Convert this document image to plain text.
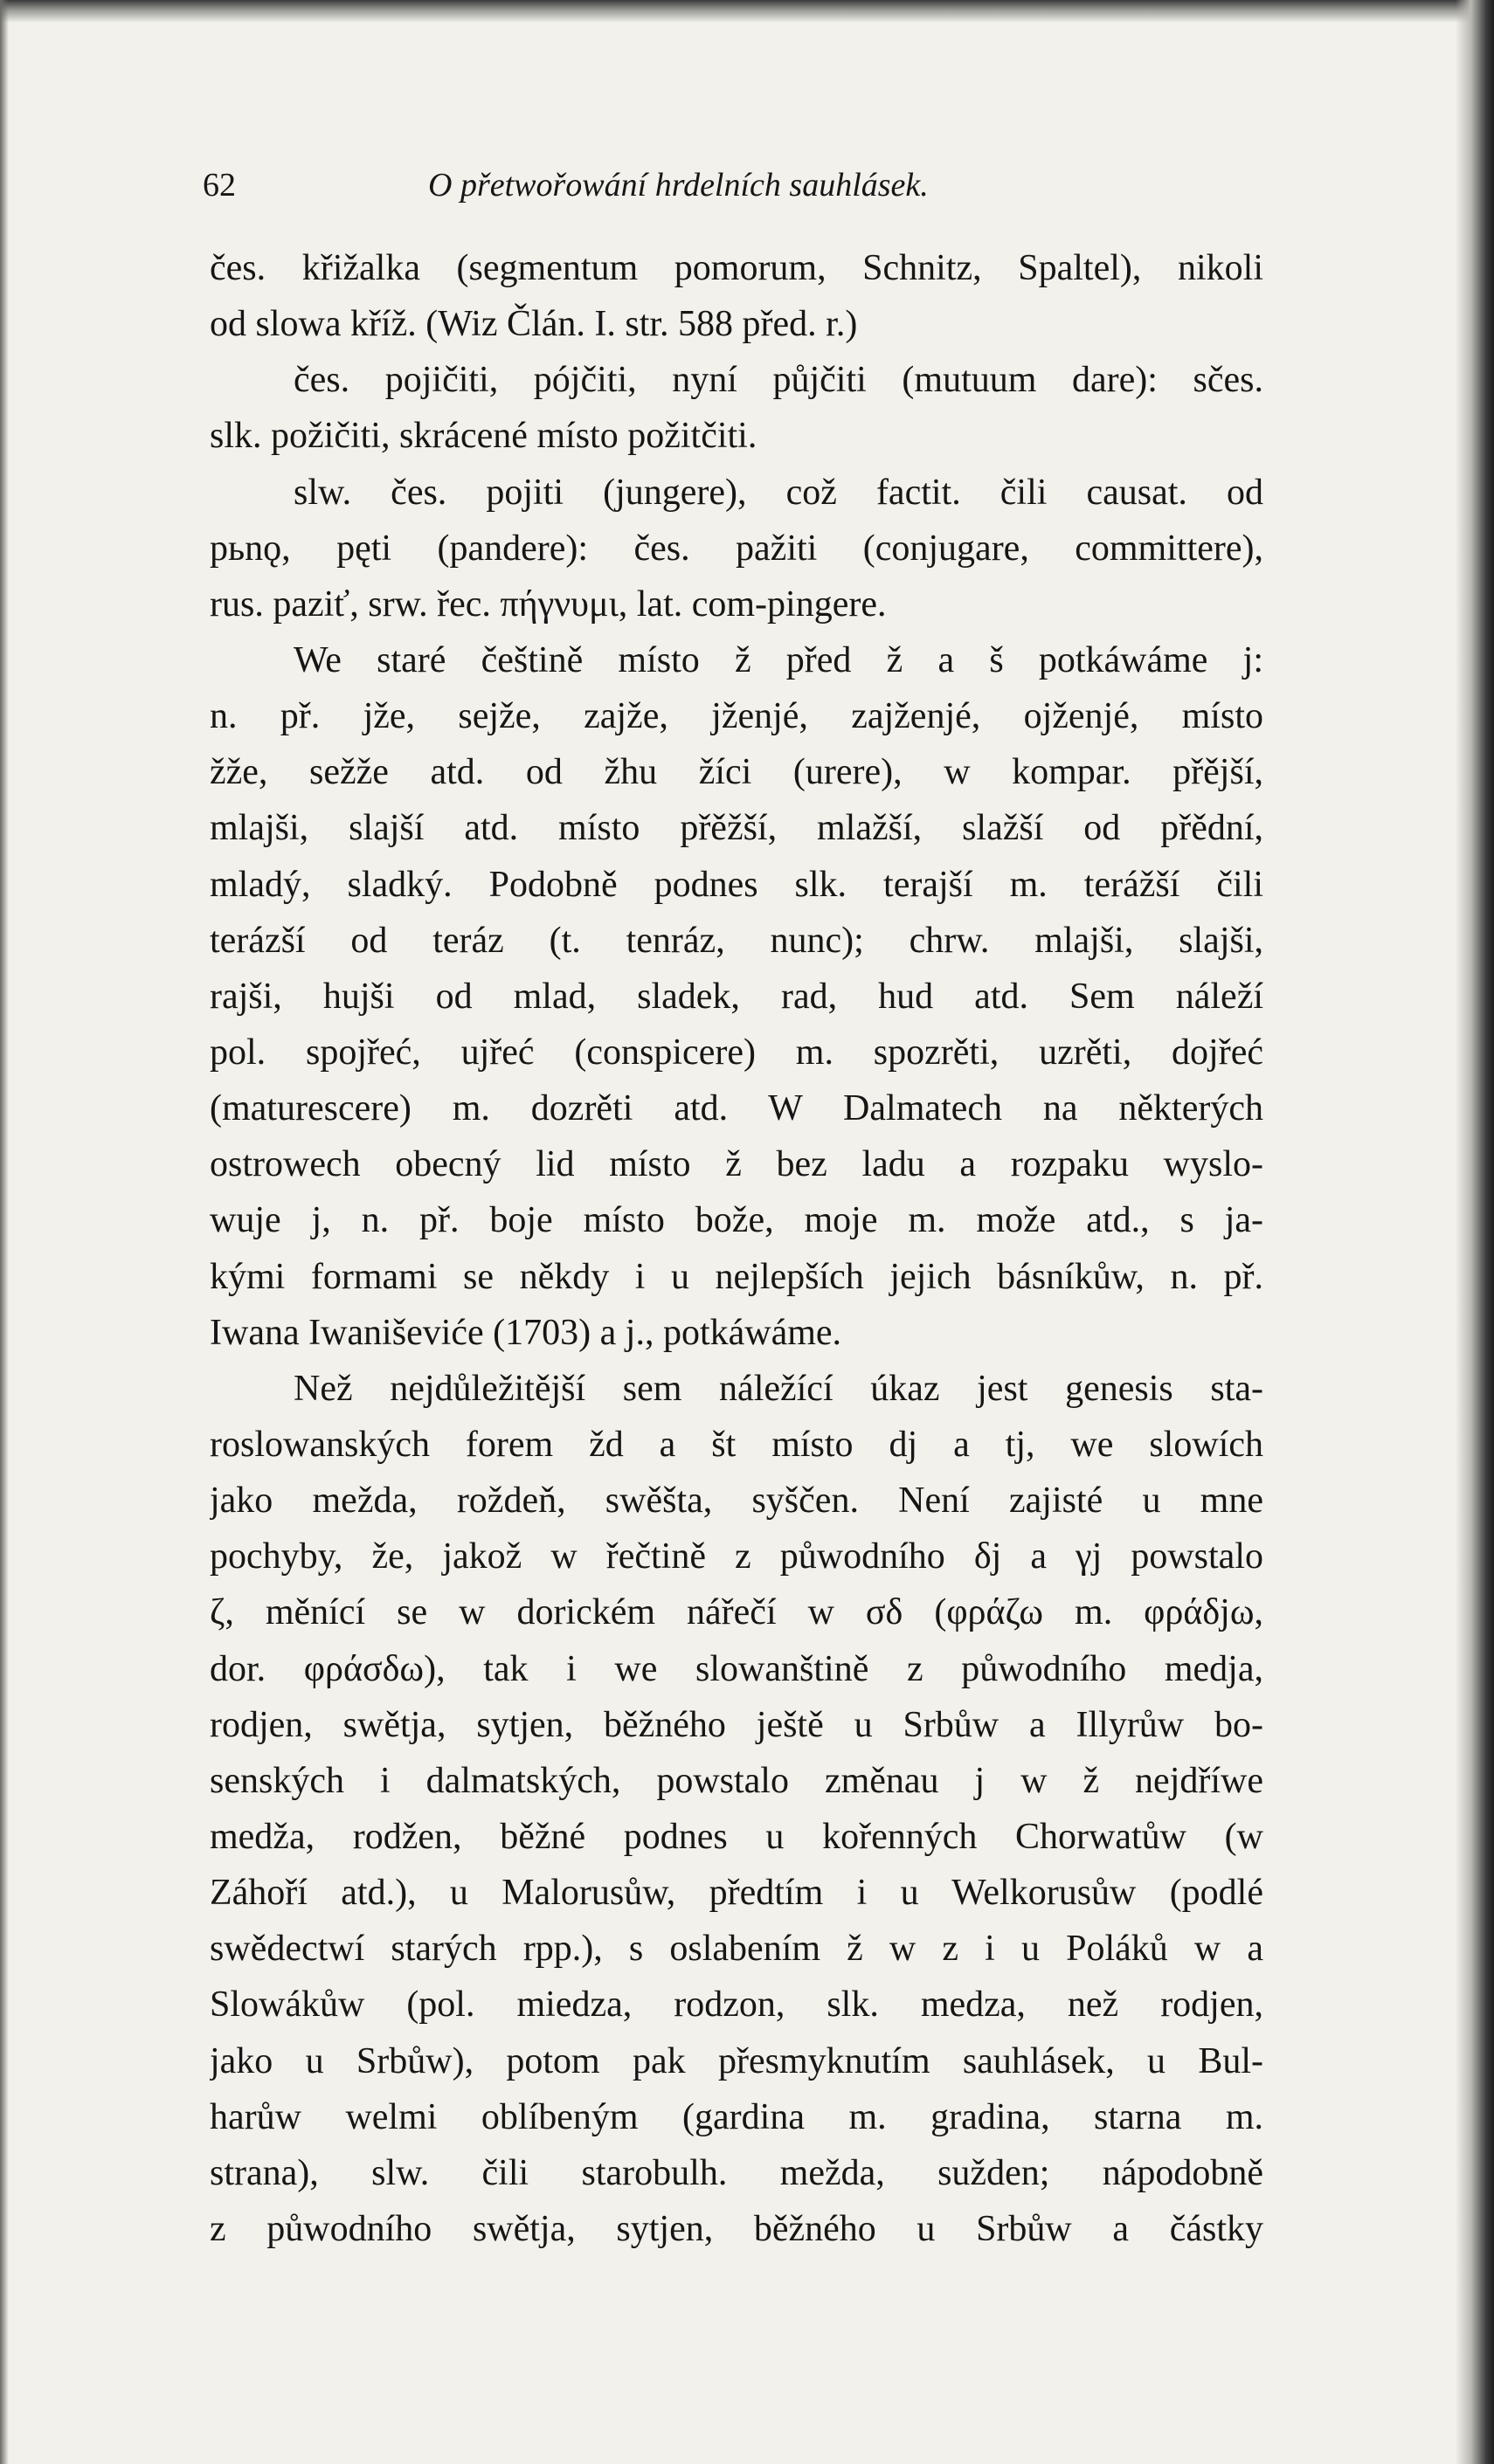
62	O přetwořowání hrdelních sauhlásek.
čes. křižalka (segmentum pomorum, Schnitz, Spaltel), nikoli
od slowa kříž. (Wiz Člán. I. str. 588 před. r.)
čes. pojičiti, pójčiti, nyní půjčiti (mutuum dare): sčes.
slk. požičiti, skrácené místo požitčiti.
slw. čes. pojiti (jungere), což factit. čili causat. od
pьnǫ, pęti (pandere): čes. pažiti (conjugare, committere),
rus. paziť, srw. řec. πήγνυμι, lat. com-pingere.
We staré češtině místo ž před ž a š potkáwáme j:
n. př. jže, sejže, zajže, jženjé, zajženjé, ojženjé, místo
žže, sežže atd. od žhu žíci (urere), w kompar. přější,
mlajši, slajší atd. místo přěžší, mlažší, slažší od přědní,
mladý, sladký. Podobně podnes slk. terajší m. terážší čili
terázší od teráz (t. tenráz, nunc); chrw. mlajši, slajši,
rajši, hujši od mlad, sladek, rad, hud atd. Sem náleží
pol. spojřeć, ujřeć (conspicere) m. spozrěti, uzrěti, dojřeć
(maturescere) m. dozrěti atd. W Dalmatech na některých
ostrowech obecný lid místo ž bez ladu a rozpaku wyslo-
wuje j, n. př. boje místo bože, moje m. može atd., s ja-
kými formami se někdy i u nejlepších jejich básníkůw, n. př.
Iwana Iwaniševiće (1703) a j., potkáwáme.
Než nejdůležitější sem náležící úkaz jest genesis sta-
roslowanských forem žd a št místo dj a tj, we slowích
jako mežda, roždeň, swěšta, syščen. Není zajisté u mne
pochyby, že, jakož w řečtině z půwodního δj a γj powstalo
ζ, měnící se w dorickém nářečí w σδ (φράζω m. φράδjω,
dor. φράσδω), tak i we slowanštině z půwodního medja,
rodjen, swětja, sytjen, běžného ještě u Srbůw a Illyrůw bo-
senských i dalmatských, powstalo změnau j w ž nejdříwe
medža, rodžen, běžné podnes u kořenných Chorwatůw (w
Záhoří atd.), u Malorusůw, předtím i u Welkorusůw (podlé
swědectwí starých rpp.), s oslabením ž w z i u Poláků w a
Slowákůw (pol. miedza, rodzon, slk. medza, než rodjen,
jako u Srbůw), potom pak přesmyknutím sauhlásek, u Bul-
harůw welmi oblíbeným (gardina m. gradina, starna m.
strana), slw. čili starobulh. mežda, sužden; nápodobně
z půwodního swětja, sytjen, běžného u Srbůw a částky
